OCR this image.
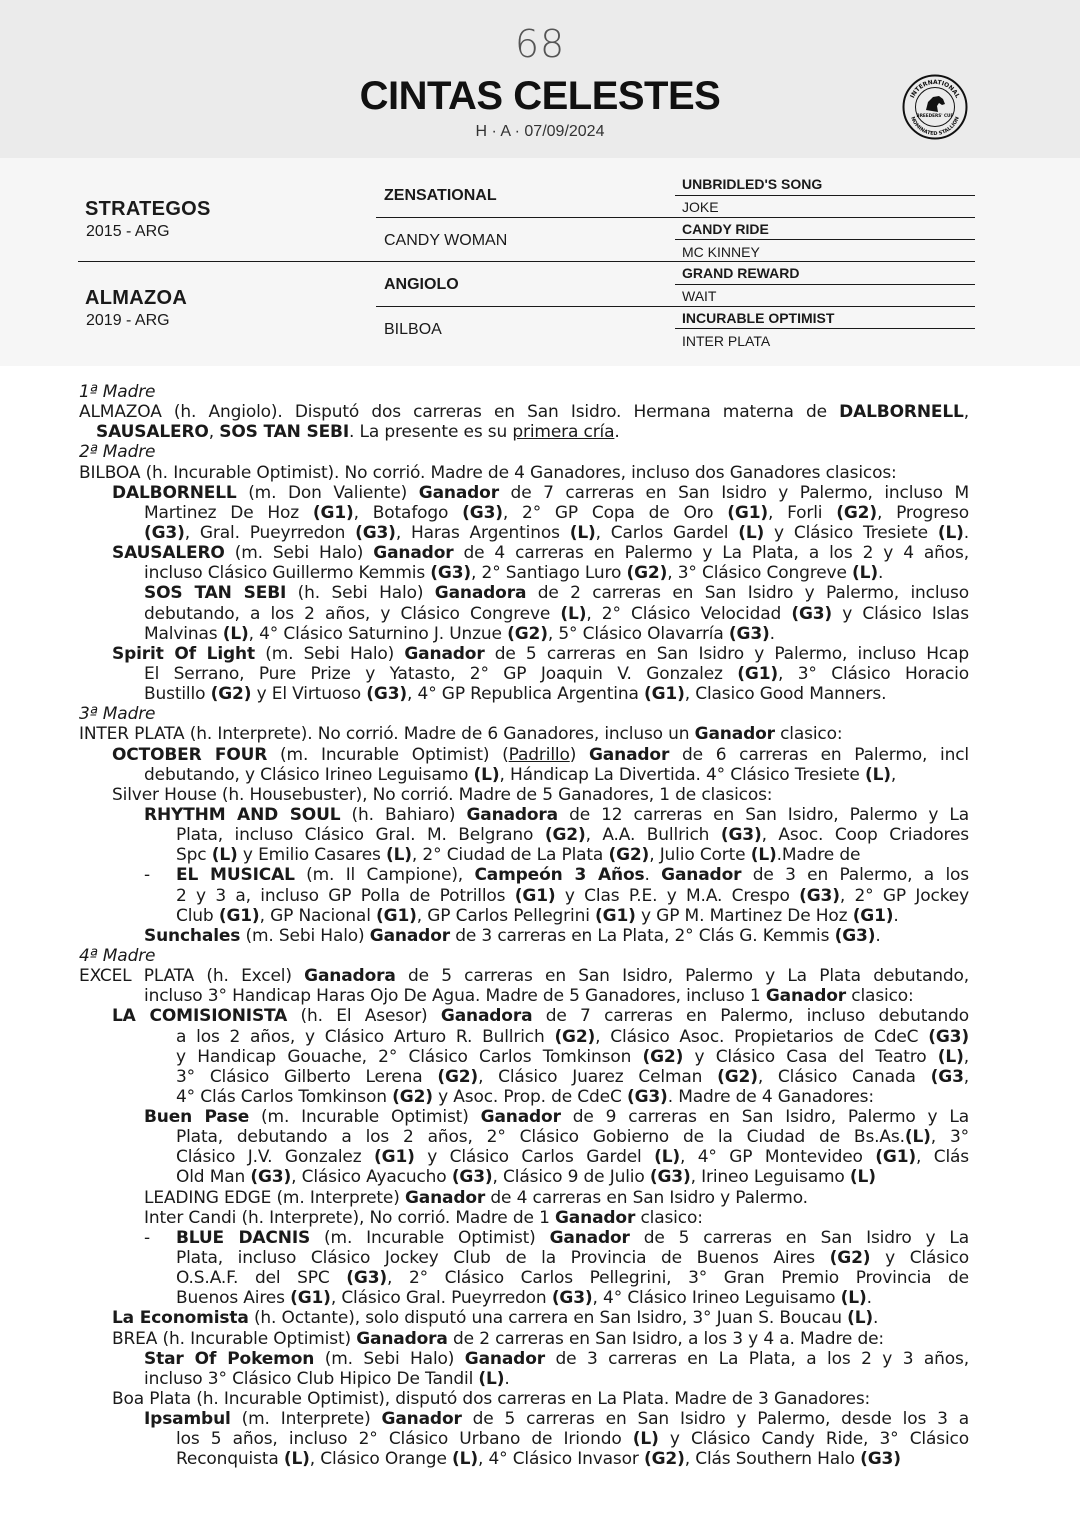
68
CINTAS CELESTES
H · A · 07/09/2024
INTERNATIONAL
NOMINATED STALLION
BREEDERS' CUP
STRATEGOS
2015 - ARG
ALMAZOA
2019 - ARG
ZENSATIONAL
CANDY WOMAN
ANGIOLO
BILBOA
UNBRIDLED'S SONG
JOKE
CANDY RIDE
MC KINNEY
GRAND REWARD
WAIT
INCURABLE OPTIMIST
INTER PLATA
1ª Madre
ALMAZOA (h. Angiolo). Disputó dos carreras en San Isidro. Hermana materna de DALBORNELL,
SAUSALERO, SOS TAN SEBI. La presente es su primera cría.
2ª Madre
BILBOA (h. Incurable Optimist). No corrió. Madre de 4 Ganadores, incluso dos Ganadores clasicos:
DALBORNELL (m. Don Valiente) Ganador de 7 carreras en San Isidro y Palermo, incluso M
Martinez De Hoz (G1), Botafogo (G3), 2° GP Copa de Oro (G1), Forli (G2), Progreso
(G3), Gral. Pueyrredon (G3), Haras Argentinos (L), Carlos Gardel (L) y Clásico Tresiete (L).
SAUSALERO (m. Sebi Halo) Ganador de 4 carreras en Palermo y La Plata, a los 2 y 4 años,
incluso Clásico Guillermo Kemmis (G3), 2° Santiago Luro (G2), 3° Clásico Congreve (L).
SOS TAN SEBI (h. Sebi Halo) Ganadora de 2 carreras en San Isidro y Palermo, incluso
debutando, a los 2 años, y Clásico Congreve (L), 2° Clásico Velocidad (G3) y Clásico Islas
Malvinas (L), 4° Clásico Saturnino J. Unzue (G2), 5° Clásico Olavarría (G3).
Spirit Of Light (m. Sebi Halo) Ganador de 5 carreras en San Isidro y Palermo, incluso Hcap
El Serrano, Pure Prize y Yatasto, 2° GP Joaquin V. Gonzalez (G1), 3° Clásico Horacio
Bustillo (G2) y El Virtuoso (G3), 4° GP Republica Argentina (G1), Clasico Good Manners.
3ª Madre
INTER PLATA (h. Interprete). No corrió. Madre de 6 Ganadores, incluso un Ganador clasico:
OCTOBER FOUR (m. Incurable Optimist) (Padrillo) Ganador de 6 carreras en Palermo, incl
debutando, y Clásico Irineo Leguisamo (L), Hándicap La Divertida. 4° Clásico Tresiete (L),
Silver House (h. Housebuster), No corrió. Madre de 5 Ganadores, 1 de clasicos:
RHYTHM AND SOUL (h. Bahiaro) Ganadora de 12 carreras en San Isidro, Palermo y La
Plata, incluso Clásico Gral. M. Belgrano (G2), A.A. Bullrich (G3), Asoc. Coop Criadores
Spc (L) y Emilio Casares (L), 2° Ciudad de La Plata (G2), Julio Corte (L).Madre de
- EL MUSICAL (m. Il Campione), Campeón 3 Años. Ganador de 3 en Palermo, a los
2 y 3 a, incluso GP Polla de Potrillos (G1) y Clas P.E. y M.A. Crespo (G3), 2° GP Jockey
Club (G1), GP Nacional (G1), GP Carlos Pellegrini (G1) y GP M. Martinez De Hoz (G1).
Sunchales (m. Sebi Halo) Ganador de 3 carreras en La Plata, 2° Clás G. Kemmis (G3).
4ª Madre
EXCEL PLATA (h. Excel) Ganadora de 5 carreras en San Isidro, Palermo y La Plata debutando,
incluso 3° Handicap Haras Ojo De Agua. Madre de 5 Ganadores, incluso 1 Ganador clasico:
LA COMISIONISTA (h. El Asesor) Ganadora de 7 carreras en Palermo, incluso debutando
a los 2 años, y Clásico Arturo R. Bullrich (G2), Clásico Asoc. Propietarios de CdeC (G3)
y Handicap Gouache, 2° Clásico Carlos Tomkinson (G2) y Clásico Casa del Teatro (L),
3° Clásico Gilberto Lerena (G2), Clásico Juarez Celman (G2), Clásico Canada (G3,
4° Clás Carlos Tomkinson (G2) y Asoc. Prop. de CdeC (G3). Madre de 4 Ganadores:
Buen Pase (m. Incurable Optimist) Ganador de 9 carreras en San Isidro, Palermo y La
Plata, debutando a los 2 años, 2° Clásico Gobierno de la Ciudad de Bs.As.(L), 3°
Clásico J.V. Gonzalez (G1) y Clásico Carlos Gardel (L), 4° GP Montevideo (G1), Clás
Old Man (G3), Clásico Ayacucho (G3), Clásico 9 de Julio (G3), Irineo Leguisamo (L)
LEADING EDGE (m. Interprete) Ganador de 4 carreras en San Isidro y Palermo.
Inter Candi (h. Interprete), No corrió. Madre de 1 Ganador clasico:
- BLUE DACNIS (m. Incurable Optimist) Ganador de 5 carreras en San Isidro y La
Plata, incluso Clásico Jockey Club de la Provincia de Buenos Aires (G2) y Clásico
O.S.A.F. del SPC (G3), 2° Clásico Carlos Pellegrini, 3° Gran Premio Provincia de
Buenos Aires (G1), Clásico Gral. Pueyrredon (G3), 4° Clásico Irineo Leguisamo (L).
La Economista (h. Octante), solo disputó una carrera en San Isidro, 3° Juan S. Boucau (L).
BREA (h. Incurable Optimist) Ganadora de 2 carreras en San Isidro, a los 3 y 4 a. Madre de:
Star Of Pokemon (m. Sebi Halo) Ganador de 3 carreras en La Plata, a los 2 y 3 años,
incluso 3° Clásico Club Hipico De Tandil (L).
Boa Plata (h. Incurable Optimist), disputó dos carreras en La Plata. Madre de 3 Ganadores:
Ipsambul (m. Interprete) Ganador de 5 carreras en San Isidro y Palermo, desde los 3 a
los 5 años, incluso 2° Clásico Urbano de Iriondo (L) y Clásico Candy Ride, 3° Clásico
Reconquista (L), Clásico Orange (L), 4° Clásico Invasor (G2), Clás Southern Halo (G3)
